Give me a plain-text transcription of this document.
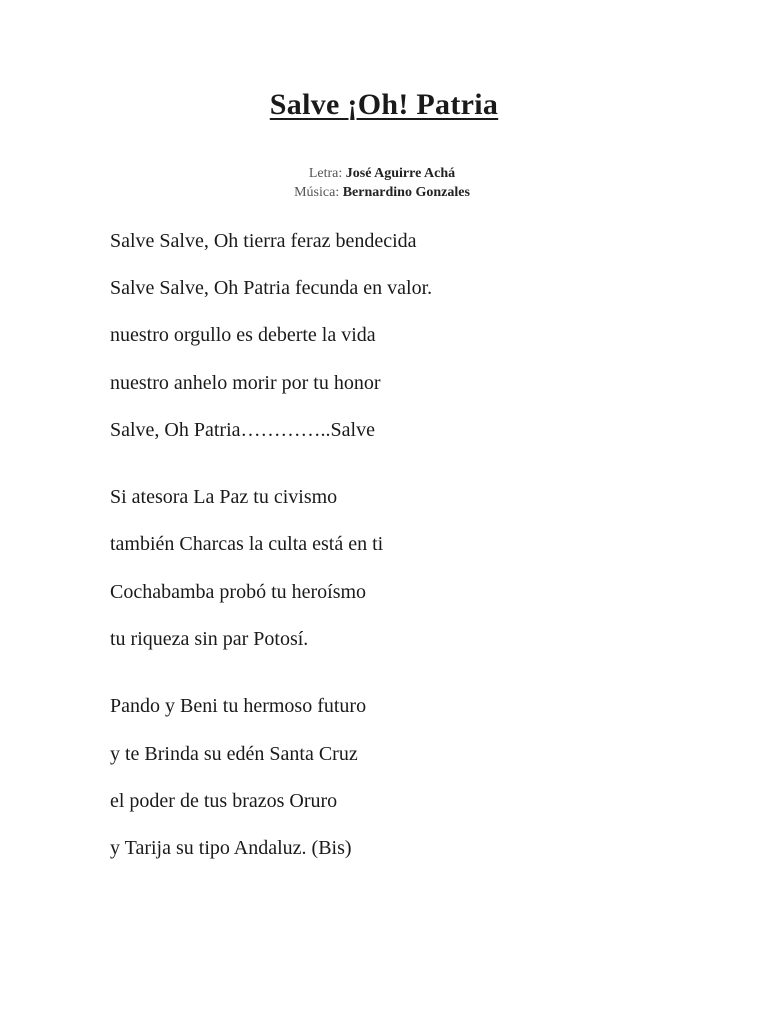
Salve ¡Oh! Patria
Letra: José Aguirre Achá
Música: Bernardino Gonzales
Salve Salve, Oh tierra feraz bendecida
Salve Salve, Oh Patria fecunda en valor.
nuestro orgullo es deberte la vida
nuestro anhelo morir por tu honor
Salve, Oh Patria…………..Salve
Si atesora La Paz tu civismo
también Charcas la culta está en ti
Cochabamba probó tu heroísmo
tu riqueza sin par Potosí.
Pando y Beni tu hermoso futuro
y te Brinda su edén Santa Cruz
el poder de tus brazos Oruro
y Tarija su tipo Andaluz. (Bis)
